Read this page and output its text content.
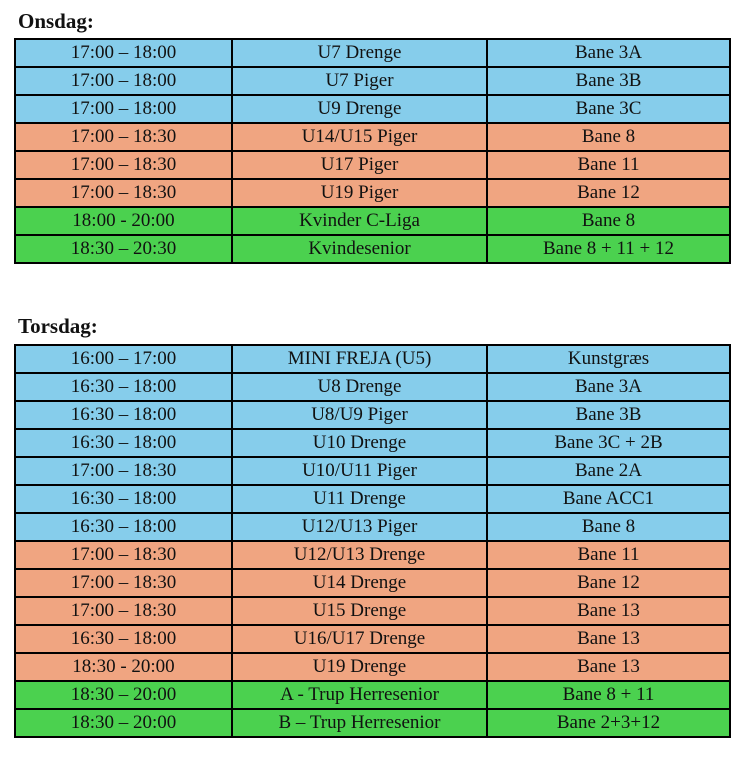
Onsdag:
17:00 – 18:00	U7 Drenge	Bane 3A
17:00 – 18:00	U7 Piger	Bane 3B
17:00 – 18:00	U9 Drenge	Bane 3C
17:00 – 18:30	U14/U15 Piger	Bane 8
17:00 – 18:30	U17 Piger	Bane 11
17:00 – 18:30	U19 Piger	Bane 12
18:00 - 20:00	Kvinder C-Liga	Bane 8
18:30 – 20:30	Kvindesenior	Bane 8 + 11 + 12
Torsdag:
16:00 – 17:00	MINI FREJA (U5)	Kunstgræs
16:30 – 18:00	U8 Drenge	Bane 3A
16:30 – 18:00	U8/U9 Piger	Bane 3B
16:30 – 18:00	U10 Drenge	Bane 3C + 2B
17:00 – 18:30	U10/U11 Piger	Bane 2A
16:30 – 18:00	U11 Drenge	Bane ACC1
16:30 – 18:00	U12/U13 Piger	Bane 8
17:00 – 18:30	U12/U13 Drenge	Bane 11
17:00 – 18:30	U14 Drenge	Bane 12
17:00 – 18:30	U15 Drenge	Bane 13
16:30 – 18:00	U16/U17 Drenge	Bane 13
18:30 - 20:00	U19 Drenge	Bane 13
18:30 – 20:00	A - Trup Herresenior	Bane 8 + 11
18:30 – 20:00	B – Trup Herresenior	Bane 2+3+12
